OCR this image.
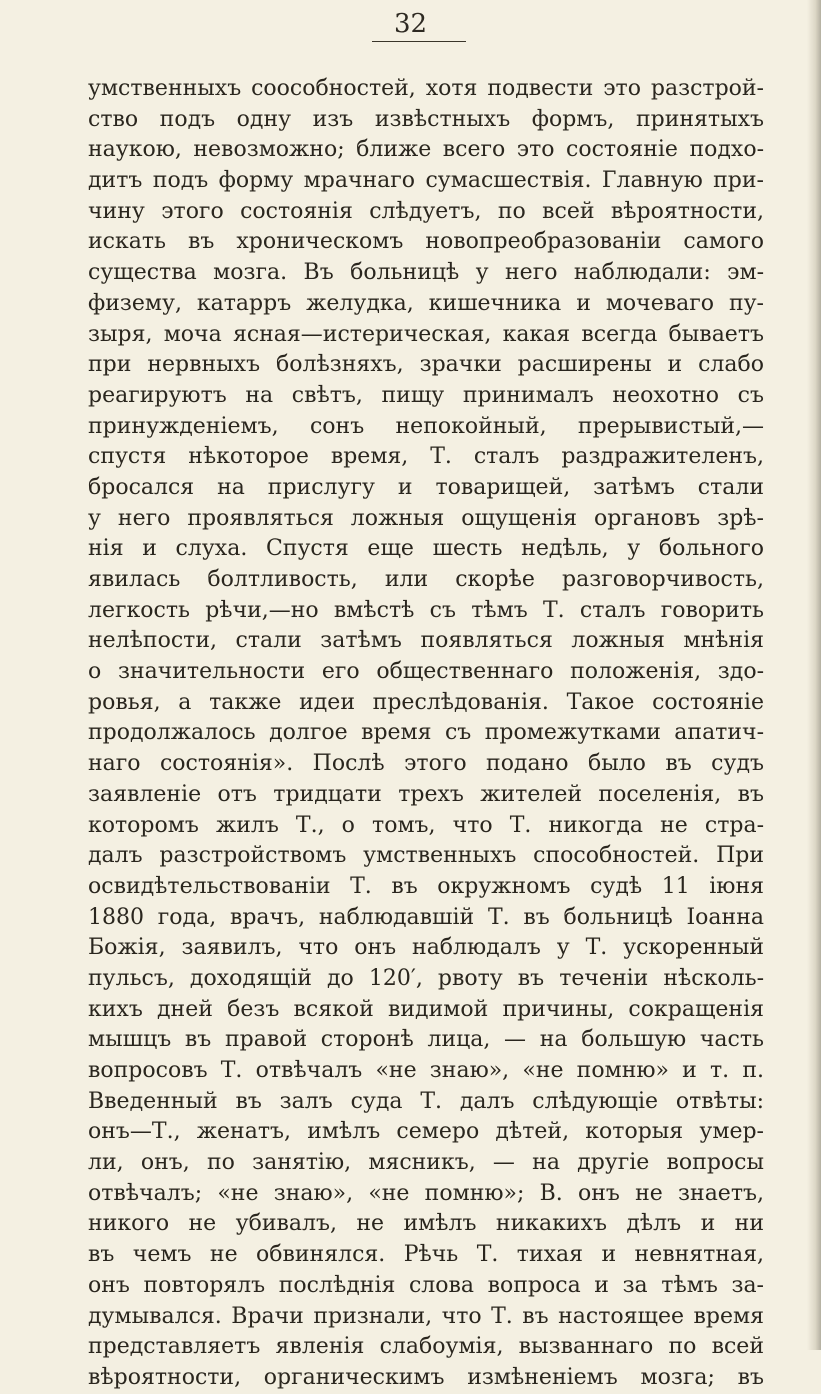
32
умственныхъ сооcобностей, хотя подвести это разстрой-
ство подъ одну изъ извѣстныхъ формъ, принятыхъ
наукою, невозможно; ближе всего это состояніе подхо-
дитъ подъ форму мрачнаго сумасшествія. Главную при-
чину этого состоянія слѣдуетъ, по всей вѣроятности,
искать въ хроническомъ новопреобразованіи самого
существа мозга. Въ больницѣ у него наблюдали: эм-
физему, катарръ желудка, кишечника и мочеваго пу-
зыря, моча ясная—истерическая, какая всегда бываетъ
при нервныхъ болѣзняхъ, зрачки расширены и слабо
реагируютъ на свѣтъ, пищу принималъ неохотно съ
принужденіемъ, сонъ непокойный, прерывистый,—
спустя нѣкоторое время, Т. сталъ раздражителенъ,
бросался на прислугу и товарищей, затѣмъ стали
у него проявляться ложныя ощущенія органовъ зрѣ-
нія и слуха. Спустя еще шесть недѣль, у больного
явилась болтливость, или скорѣе разговорчивость,
легкость рѣчи,—но вмѣстѣ съ тѣмъ Т. сталъ говорить
нелѣпости, стали затѣмъ появляться ложныя мнѣнія
о значительности его общественнаго положенія, здо-
ровья, а также идеи преслѣдованія. Такое состояніе
продолжалось долгое время съ промежутками апатич-
наго состоянія». Послѣ этого подано было въ судъ
заявленіе отъ тридцати трехъ жителей поселенія, въ
которомъ жилъ Т., о томъ, что Т. никогда не стра-
далъ разстройствомъ умственныхъ способностей. При
освидѣтельствованіи Т. въ окружномъ судѣ 11 іюня
1880 года, врачъ, наблюдавшій Т. въ больницѣ Іоанна
Божія, заявилъ, что онъ наблюдалъ у Т. ускоренный
пульсъ, доходящій до 120′, рвоту въ теченіи нѣсколь-
кихъ дней безъ всякой видимой причины, сокращенія
мышцъ въ правой сторонѣ лица, — на большую часть
вопросовъ Т. отвѣчалъ «не знаю», «не помню» и т. п.
Введенный въ залъ суда Т. далъ слѣдующіе отвѣты:
онъ—Т., женатъ, имѣлъ семеро дѣтей, которыя умер-
ли, онъ, по занятію, мясникъ, — на другіе вопросы
отвѣчалъ; «не знаю», «не помню»; В. онъ не знаетъ,
никого не убивалъ, не имѣлъ никакихъ дѣлъ и ни
въ чемъ не обвинялся. Рѣчь Т. тихая и невнятная,
онъ повторялъ послѣднія слова вопроса и за тѣмъ за-
думывался. Врачи признали, что Т. въ настоящее время
представляетъ явленія слабоумія, вызваннаго по всей
вѣроятности, органическимъ измѣненіемъ мозга; въ
